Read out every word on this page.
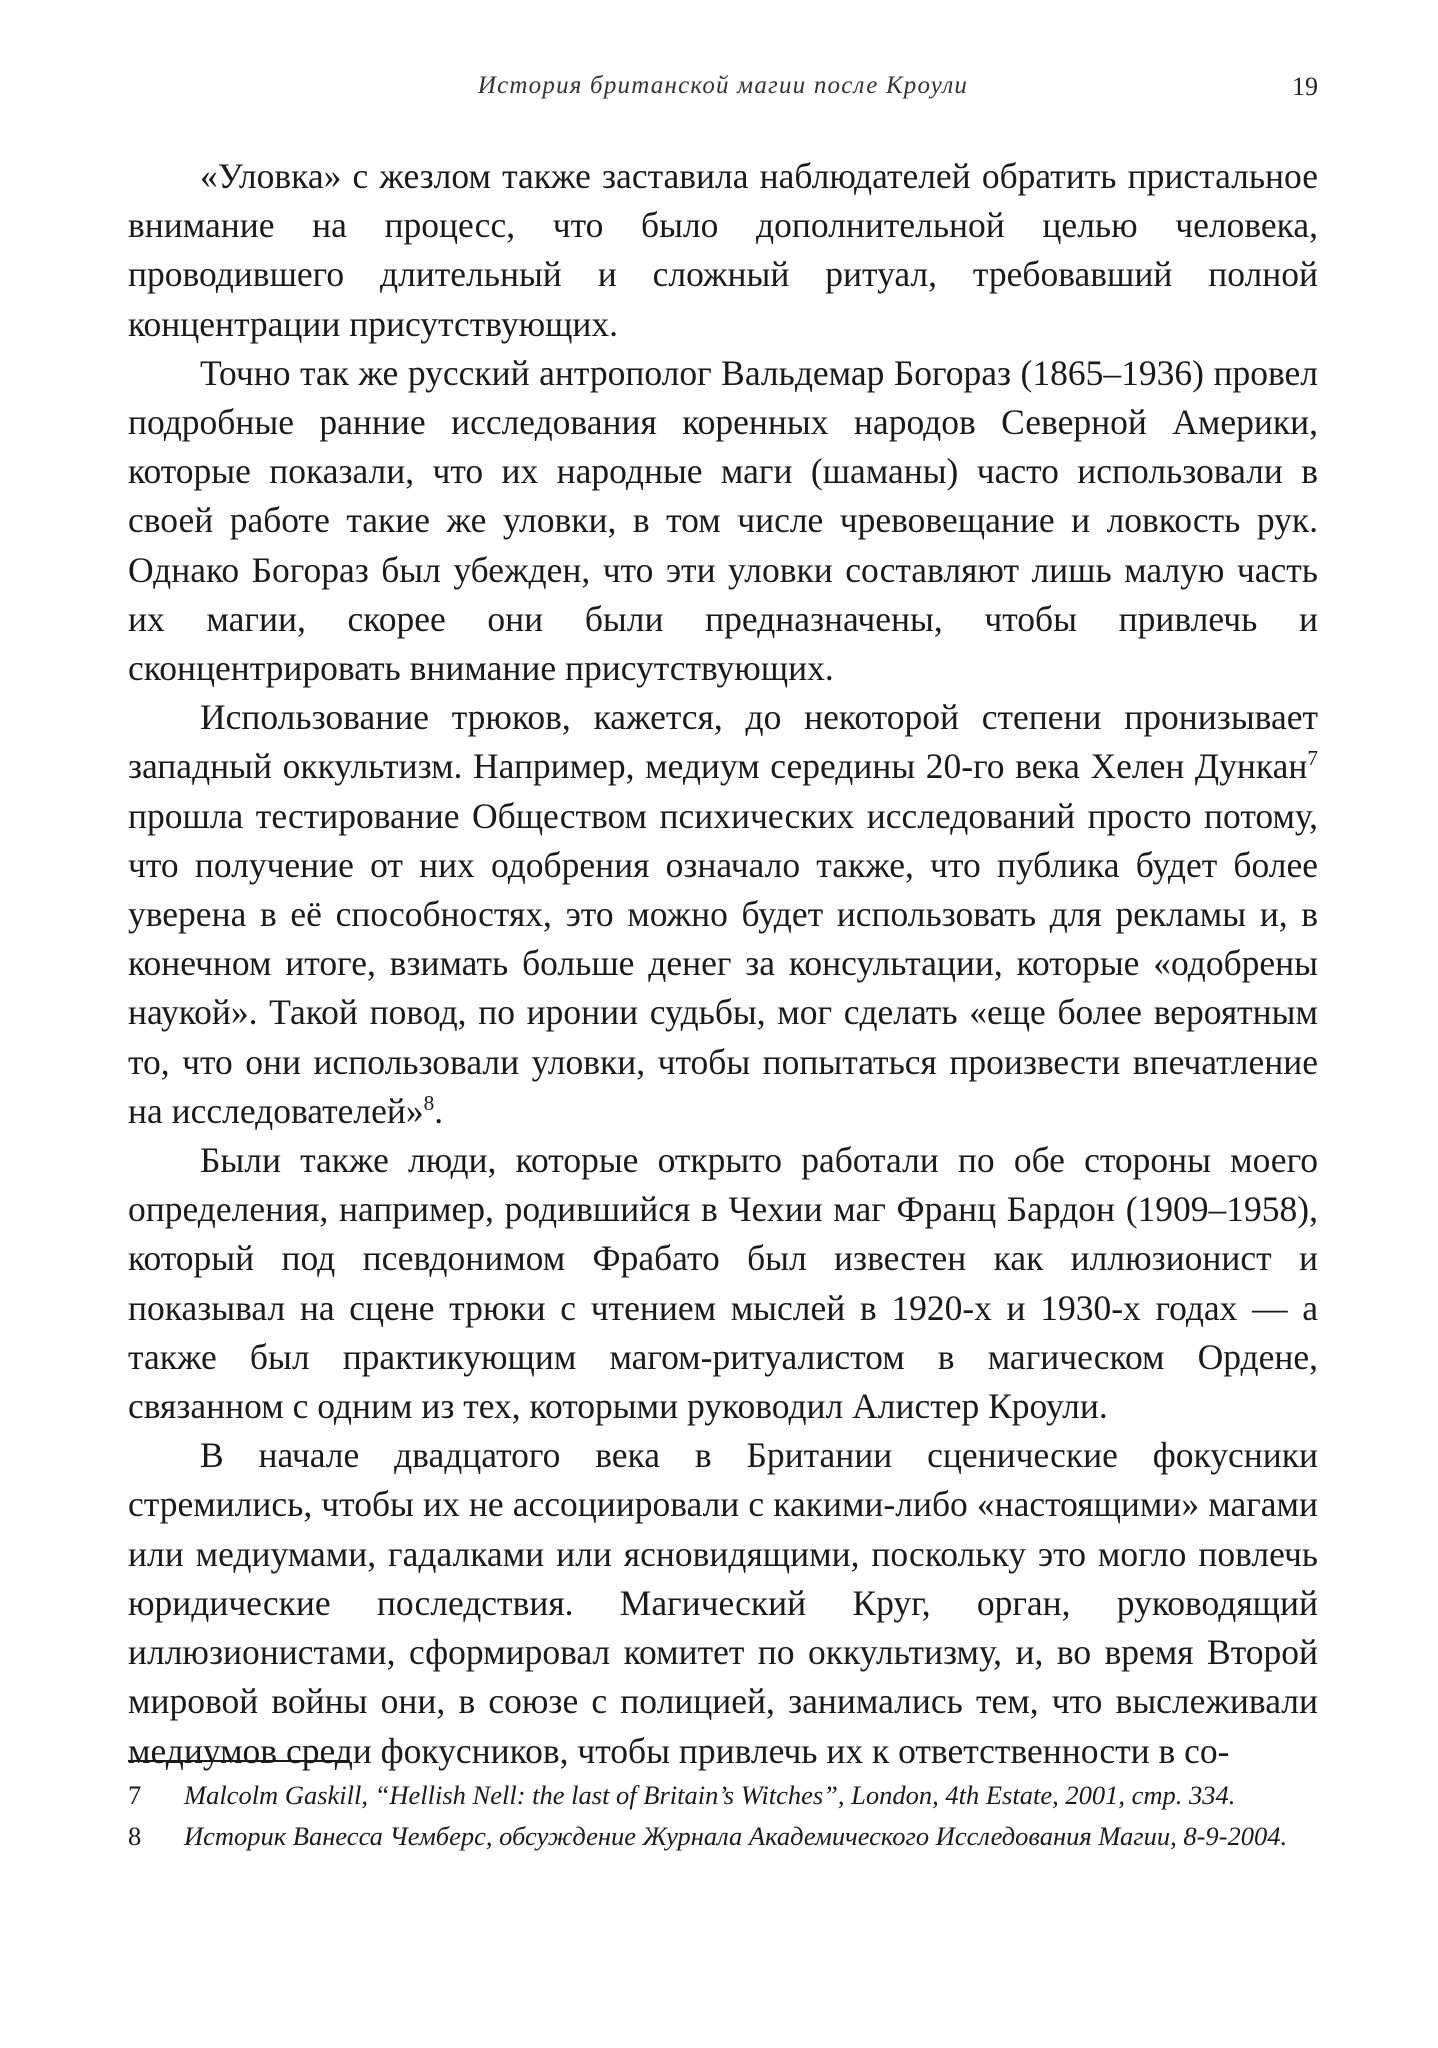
История британской магии после Кроули	19

«Уловка» с жезлом также заставила наблюдателей обратить пристальное внимание на процесс, что было дополнительной целью человека, проводившего длительный и сложный ритуал, требовавший полной концентрации присутствующих.

Точно так же русский антрополог Вальдемар Богораз (1865–1936) провел подробные ранние исследования коренных народов Северной Америки, которые показали, что их народные маги (шаманы) часто использовали в своей работе такие же уловки, в том числе чревовещание и ловкость рук. Однако Богораз был убежден, что эти уловки составляют лишь малую часть их магии, скорее они были предназначены, чтобы привлечь и сконцентрировать внимание присутствующих.

Использование трюков, кажется, до некоторой степени пронизывает западный оккультизм. Например, медиум середины 20-го века Хелен Дункан$^7$ прошла тестирование Обществом психических исследований просто потому, что получение от них одобрения означало также, что публика будет более уверена в её способностях, это можно будет использовать для рекламы и, в конечном итоге, взимать больше денег за консультации, которые «одобрены наукой». Такой повод, по иронии судьбы, мог сделать «еще более вероятным то, что они использовали уловки, чтобы попытаться произвести впечатление на исследователей»$^8$.

Были также люди, которые открыто работали по обе стороны моего определения, например, родившийся в Чехии маг Франц Бардон (1909–1958), который под псевдонимом Фрабато был известен как иллюзионист и показывал на сцене трюки с чтением мыслей в 1920-х и 1930-х годах — а также был практикующим магом-ритуалистом в магическом Ордене, связанном с одним из тех, которыми руководил Алистер Кроули.

В начале двадцатого века в Британии сценические фокусники стремились, чтобы их не ассоциировали с какими-либо «настоящими» магами или медиумами, гадалками или ясновидящими, поскольку это могло повлечь юридические последствия. Магический Круг, орган, руководящий иллюзионистами, сформировал комитет по оккультизму, и, во время Второй мировой войны они, в союзе с полицией, занимались тем, что выслеживали медиумов среди фокусников, чтобы привлечь их к ответственности в со-

7 Malcolm Gaskill, “Hellish Nell: the last of Britain’s Witches”, London, 4th Estate, 2001, стр. 334.

8 Историк Ванесса Чемберс, обсуждение Журнала Академического Исследования Магии, 8-9-2004.
